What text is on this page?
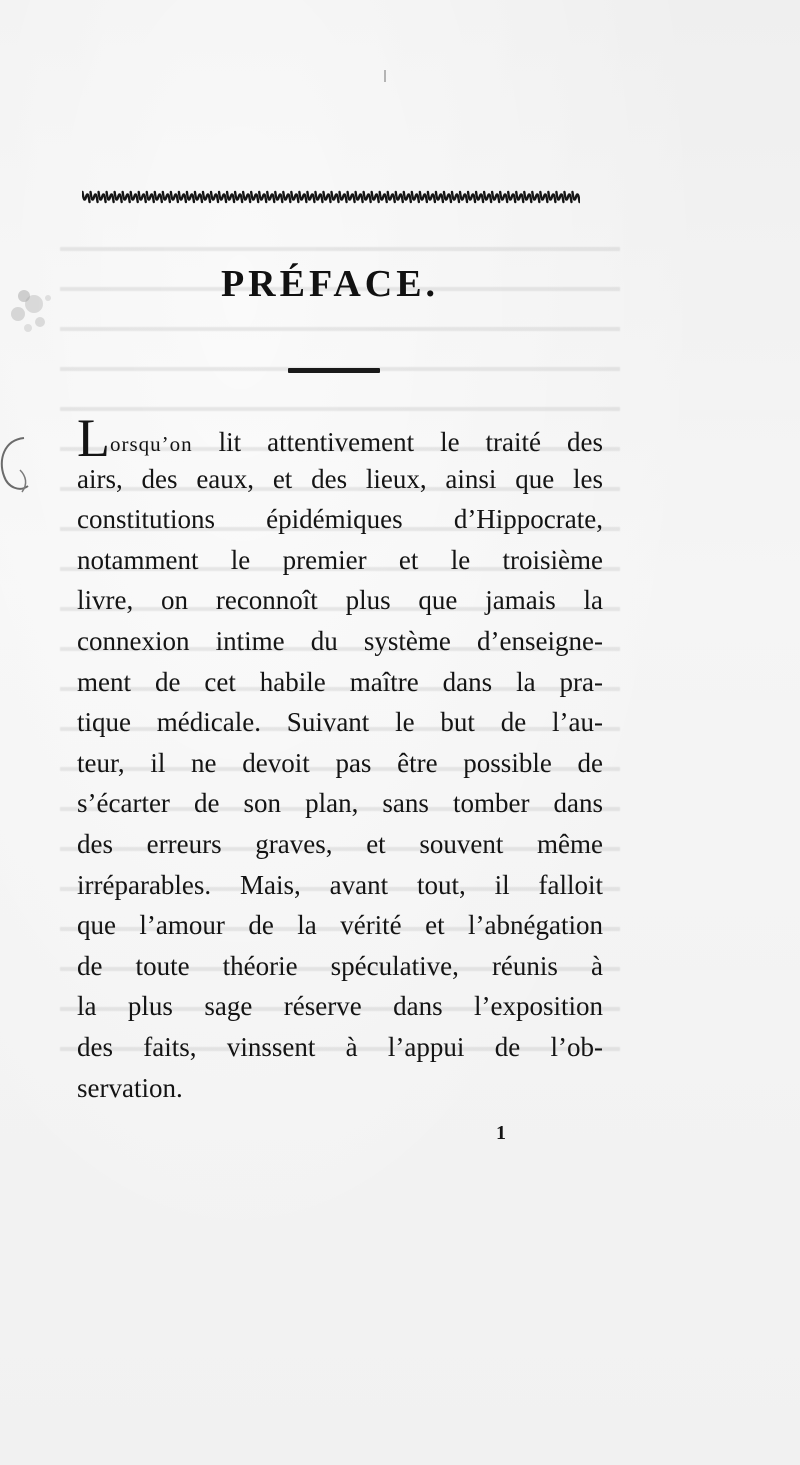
PRÉFACE.
Lorsqu’on lit attentivement le traité des
airs, des eaux, et des lieux, ainsi que les
constitutions épidémiques d’Hippocrate,
notamment le premier et le troisième
livre, on reconnoît plus que jamais la
connexion intime du système d’enseigne-
ment de cet habile maître dans la pra-
tique médicale. Suivant le but de l’au-
teur, il ne devoit pas être possible de
s’écarter de son plan, sans tomber dans
des erreurs graves, et souvent même
irréparables. Mais, avant tout, il falloit
que l’amour de la vérité et l’abnégation
de toute théorie spéculative, réunis à
la plus sage réserve dans l’exposition
des faits, vinssent à l’appui de l’ob-
servation.
1
